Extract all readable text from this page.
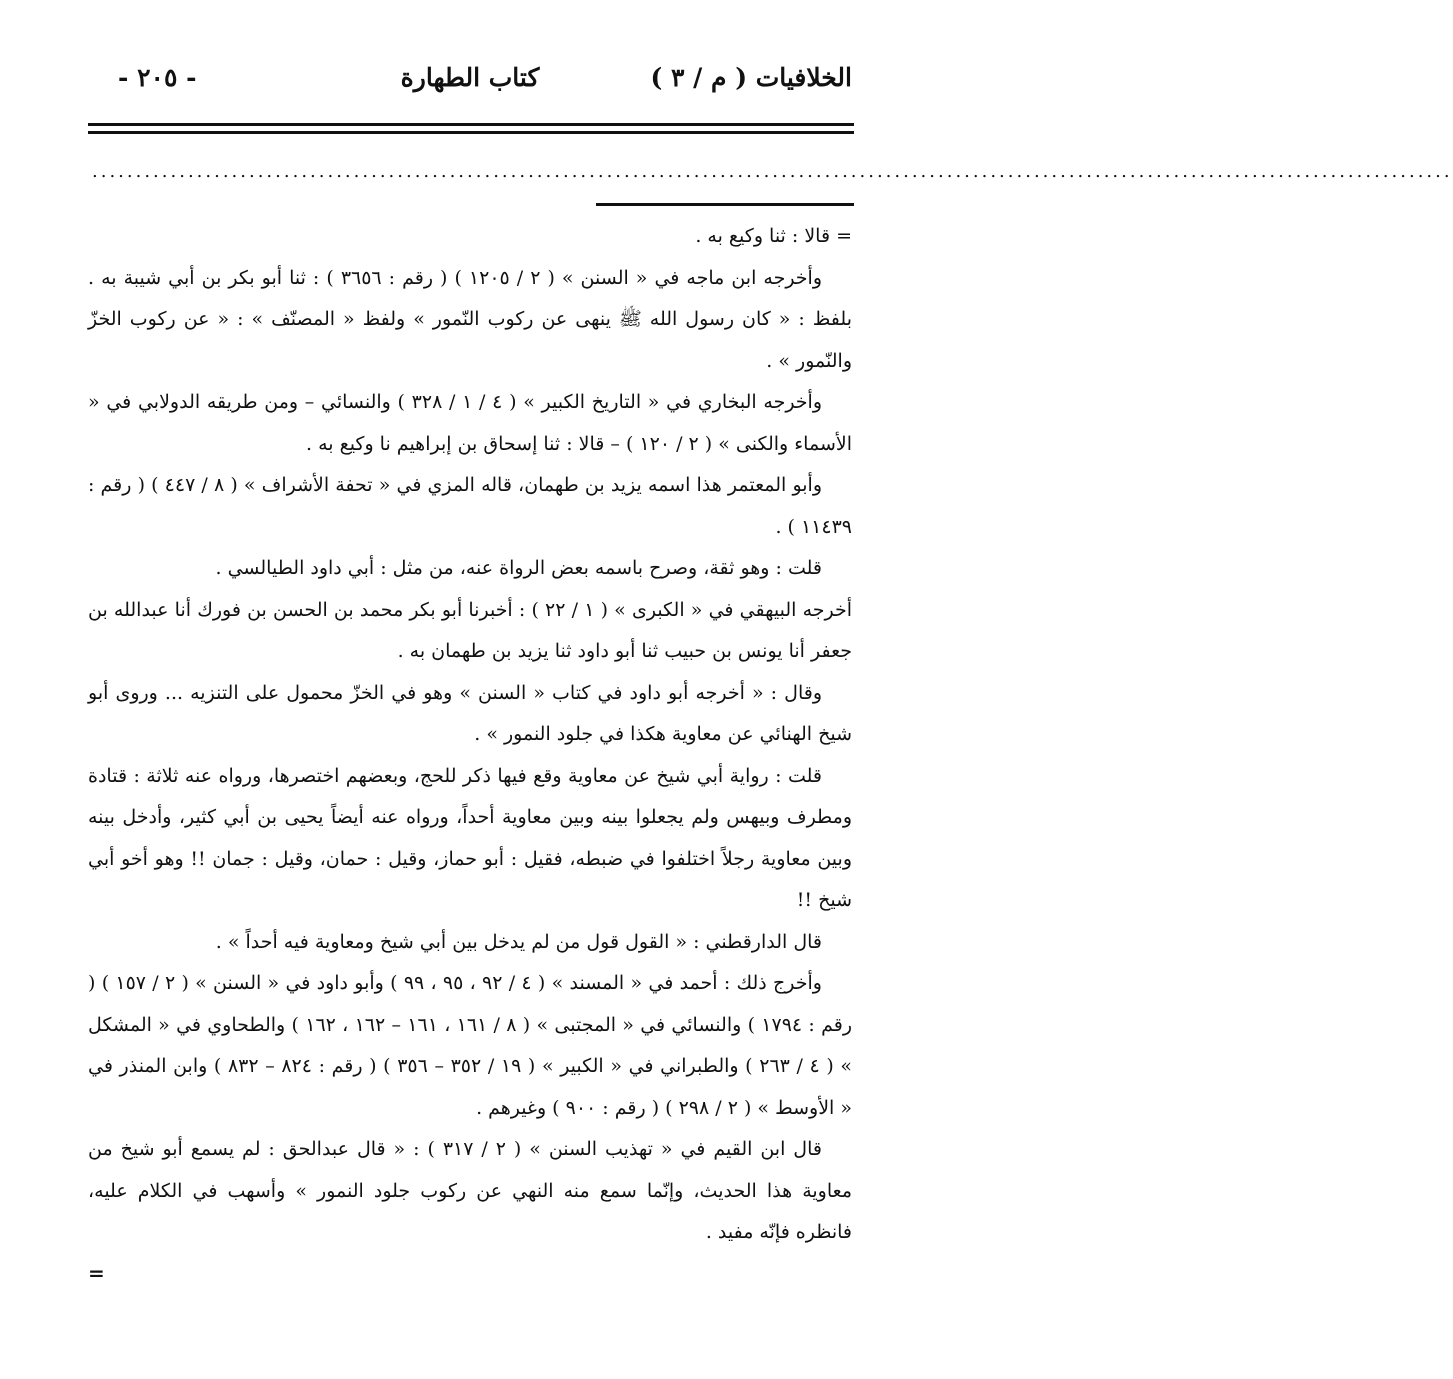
الخلافيات ( م / ٣ )
كتاب الطهارة
- ٢٠٥ -
............................................................................................................................................................

= قالا : ثنا وكيع به .

وأخرجه ابن ماجه في « السنن » ( ٢ / ١٢٠٥ ) ( رقم : ٣٦٥٦ ) : ثنا أبو بكر بن أبي شيبة به . بلفظ : « كان رسول الله ﷺ ينهى عن ركوب النّمور » ولفظ « المصنّف » : « عن ركوب الخزّ والنّمور » .

وأخرجه البخاري في « التاريخ الكبير » ( ٤ / ١ / ٣٢٨ ) والنسائي – ومن طريقه الدولابي في « الأسماء والكنى » ( ٢ / ١٢٠ ) – قالا : ثنا إسحاق بن إبراهيم نا وكيع به .

وأبو المعتمر هذا اسمه يزيد بن طهمان، قاله المزي في « تحفة الأشراف » ( ٨ / ٤٤٧ ) ( رقم : ١١٤٣٩ ) .

قلت : وهو ثقة، وصرح باسمه بعض الرواة عنه، من مثل : أبي داود الطيالسي .

أخرجه البيهقي في « الكبرى » ( ١ / ٢٢ ) : أخبرنا أبو بكر محمد بن الحسن بن فورك أنا عبدالله بن جعفر أنا يونس بن حبيب ثنا أبو داود ثنا يزيد بن طهمان به .

وقال : « أخرجه أبو داود في كتاب « السنن » وهو في الخزّ محمول على التنزيه ... وروى أبو شيخ الهنائي عن معاوية هكذا في جلود النمور » .

قلت : رواية أبي شيخ عن معاوية وقع فيها ذكر للحج، وبعضهم اختصرها، ورواه عنه ثلاثة : قتادة ومطرف وبيهس ولم يجعلوا بينه وبين معاوية أحداً، ورواه عنه أيضاً يحيى بن أبي كثير، وأدخل بينه وبين معاوية رجلاً اختلفوا في ضبطه، فقيل : أبو حماز، وقيل : حمان، وقيل : جمان !! وهو أخو أبي شيخ !!

قال الدارقطني : « القول قول من لم يدخل بين أبي شيخ ومعاوية فيه أحداً » .

وأخرج ذلك : أحمد في « المسند » ( ٤ / ٩٢ ، ٩٥ ، ٩٩ ) وأبو داود في « السنن » ( ٢ / ١٥٧ ) ( رقم : ١٧٩٤ ) والنسائي في « المجتبى » ( ٨ / ١٦١ ، ١٦١ – ١٦٢ ، ١٦٢ ) والطحاوي في « المشكل » ( ٤ / ٢٦٣ ) والطبراني في « الكبير » ( ١٩ / ٣٥٢ – ٣٥٦ ) ( رقم : ٨٢٤ – ٨٣٢ ) وابن المنذر في « الأوسط » ( ٢ / ٢٩٨ ) ( رقم : ٩٠٠ ) وغيرهم .

قال ابن القيم في « تهذيب السنن » ( ٢ / ٣١٧ ) : « قال عبدالحق : لم يسمع أبو شيخ من معاوية هذا الحديث، وإنّما سمع منه النهي عن ركوب جلود النمور » وأسهب في الكلام عليه، فانظره فإنّه مفيد .

=
